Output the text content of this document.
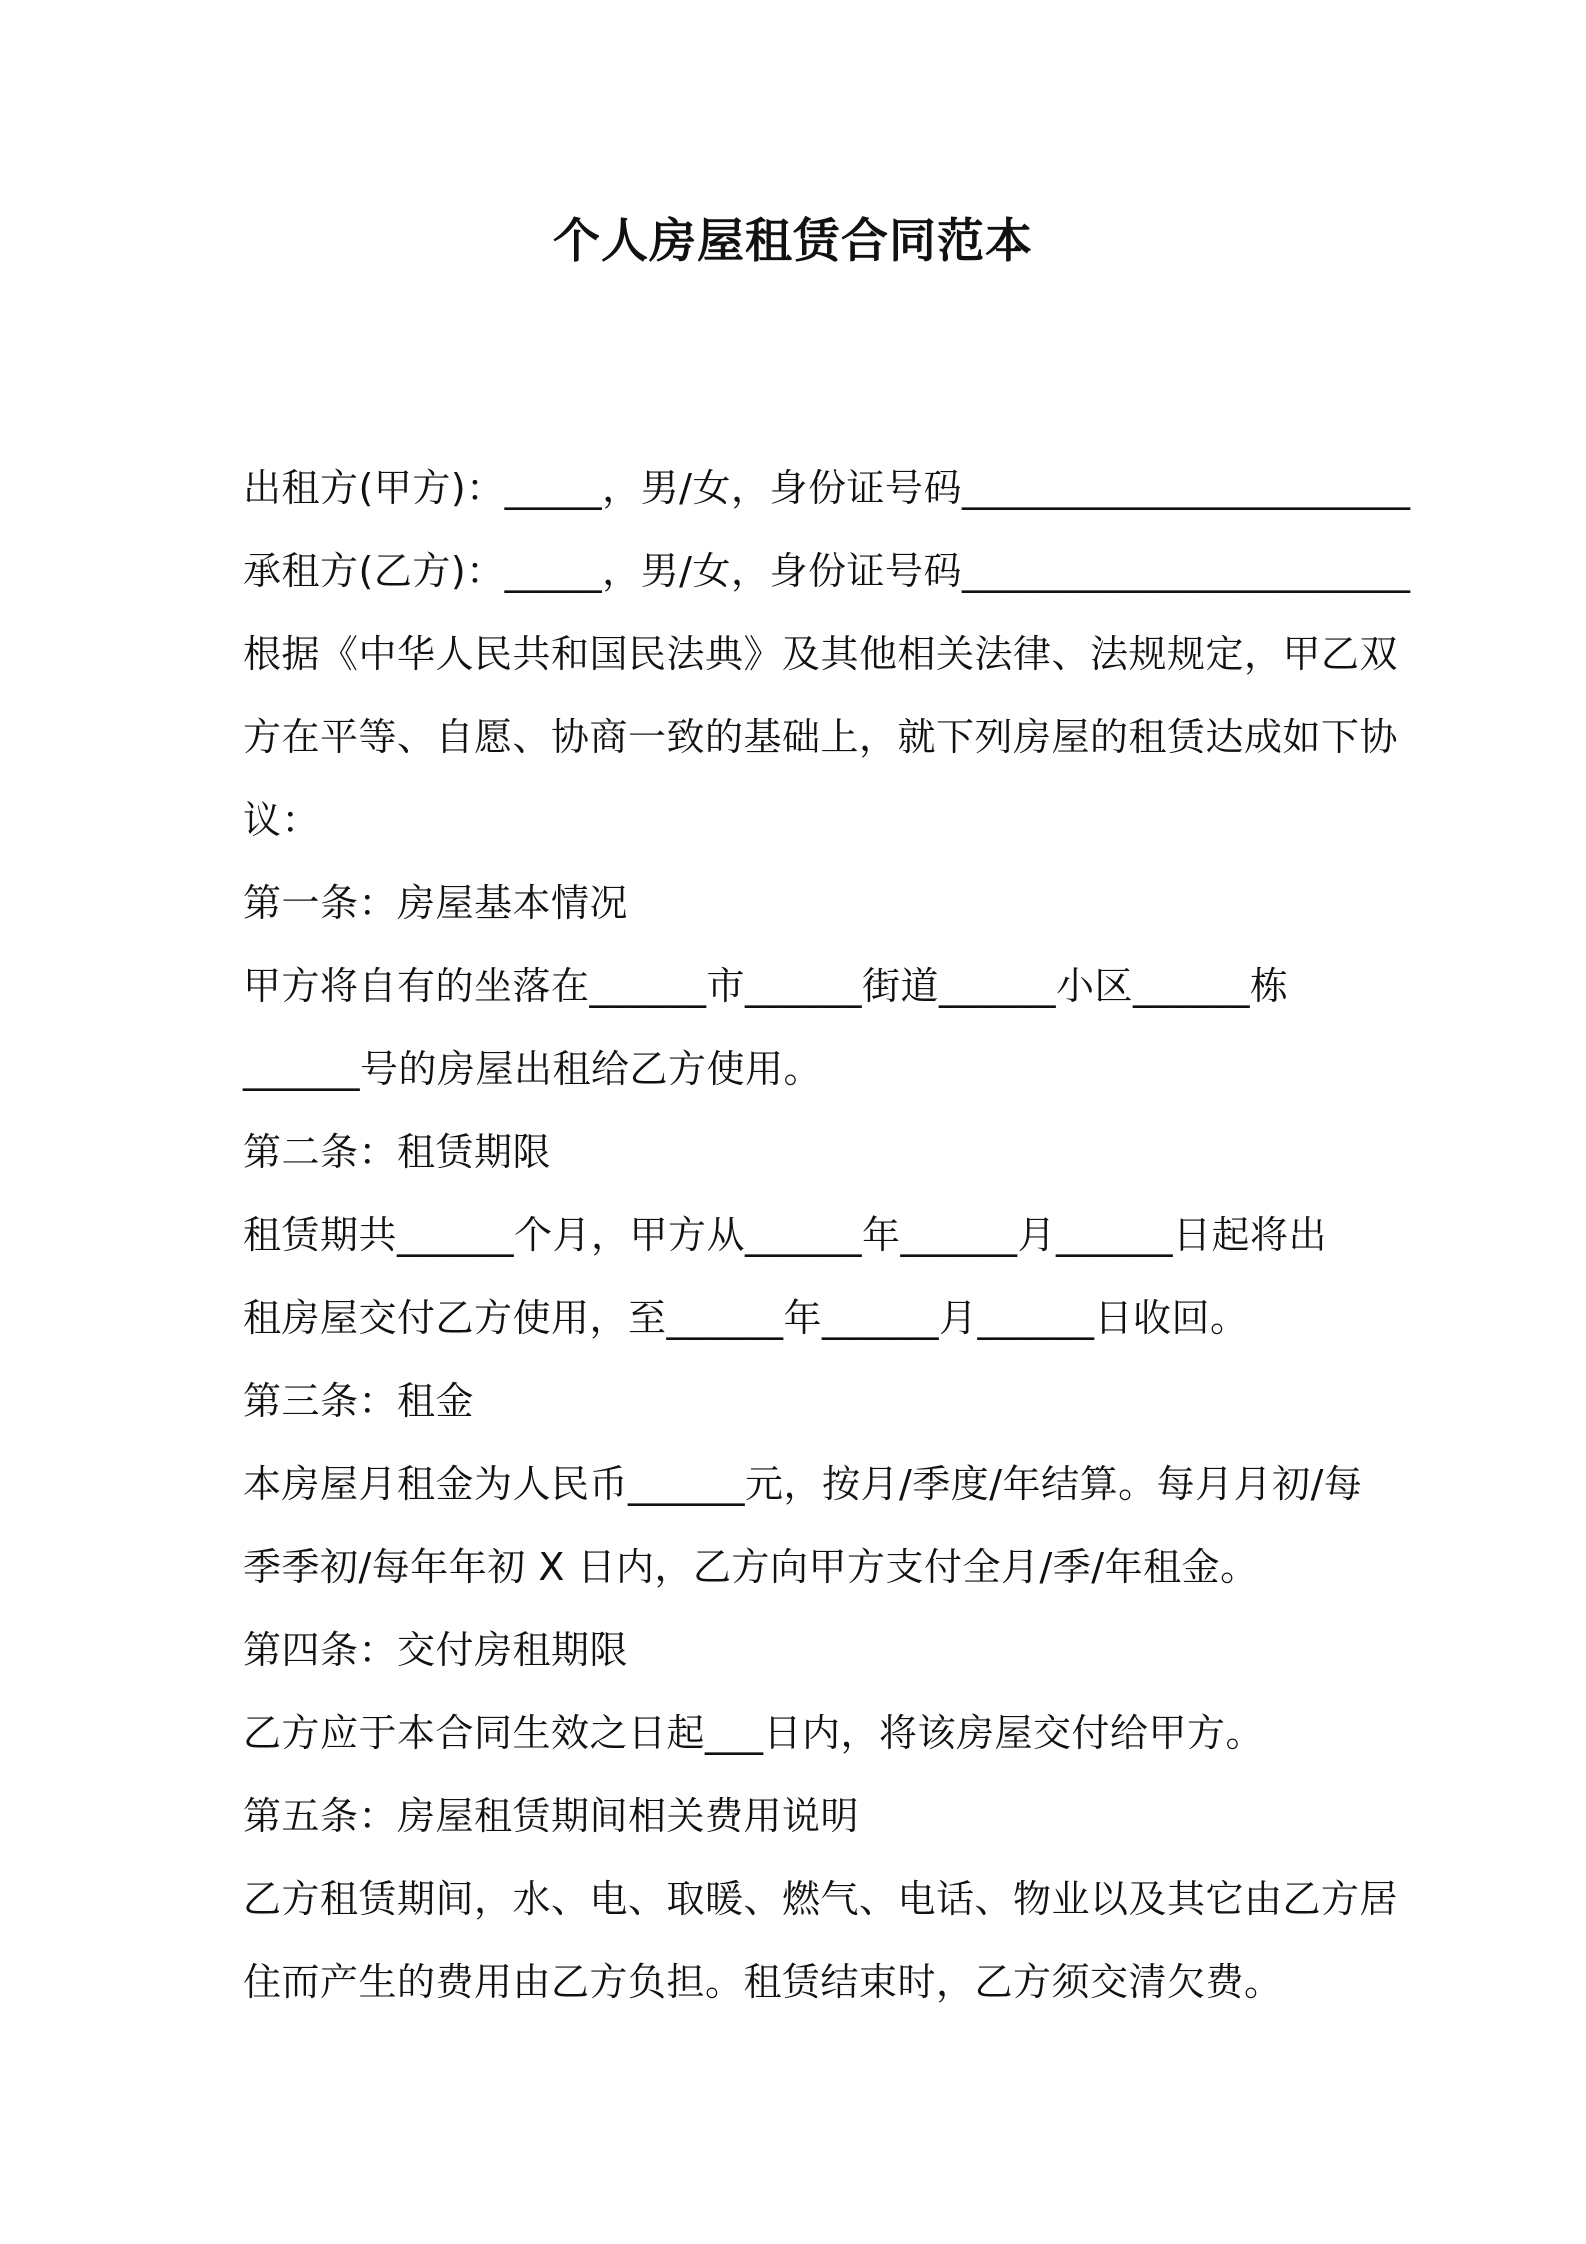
个人房屋租赁合同范本
出租方(甲方)：_____，男/女，身份证号码_______________________
承租方(乙方)：_____，男/女，身份证号码_______________________
根据《中华人民共和国民法典》及其他相关法律、法规规定，甲乙双
方在平等、自愿、协商一致的基础上，就下列房屋的租赁达成如下协
议：
第一条：房屋基本情况
甲方将自有的坐落在______市______街道______小区______栋
______号的房屋出租给乙方使用。
第二条：租赁期限
租赁期共______个月，甲方从______年______月______日起将出
租房屋交付乙方使用，至______年______月______日收回。
第三条：租金
本房屋月租金为人民币______元，按月/季度/年结算。每月月初/每
季季初/每年年初 X 日内，乙方向甲方支付全月/季/年租金。
第四条：交付房租期限
乙方应于本合同生效之日起___日内，将该房屋交付给甲方。
第五条：房屋租赁期间相关费用说明
乙方租赁期间，水、电、取暖、燃气、电话、物业以及其它由乙方居
住而产生的费用由乙方负担。租赁结束时，乙方须交清欠费。
